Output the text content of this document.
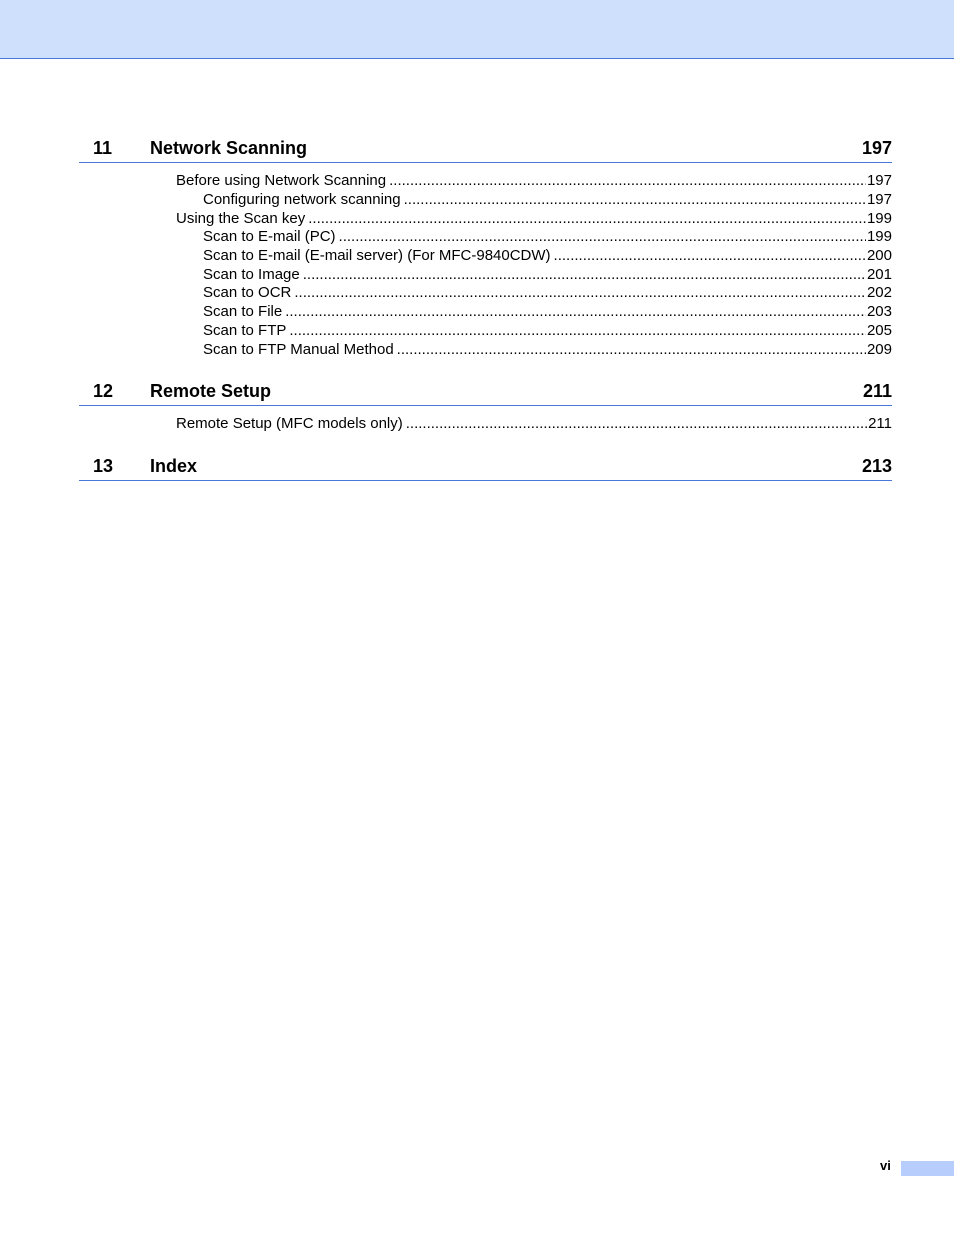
11 Network Scanning	197
Before using Network Scanning .....	197
Configuring network scanning .....	197
Using the Scan key .....	199
Scan to E-mail (PC) .....	199
Scan to E-mail (E-mail server) (For MFC-9840CDW) .....	200
Scan to Image .....	201
Scan to OCR .....	202
Scan to File .....	203
Scan to FTP .....	205
Scan to FTP Manual Method .....	209
12 Remote Setup	211
Remote Setup (MFC models only) .....	211
13 Index	213
vi
